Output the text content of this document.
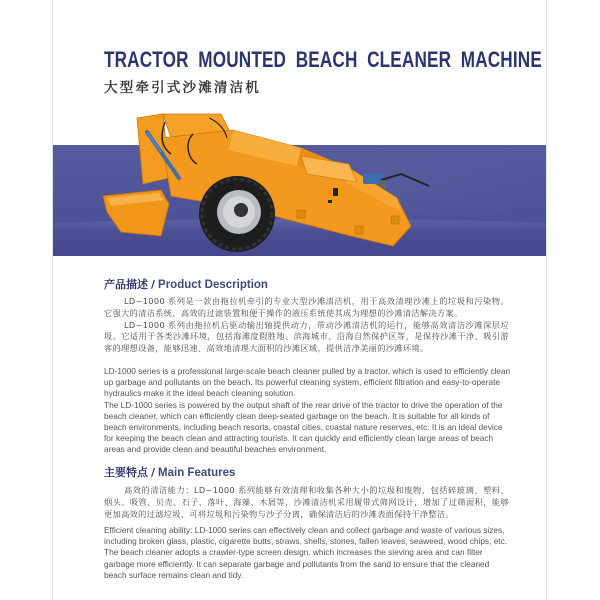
TRACTOR MOUNTED BEACH CLEANER MACHINE
大型牵引式沙滩清洁机
产品描述 / Product Description

LD~1000 系列是一款由拖拉机牵引的专业大型沙滩清洁机，用于高效清理沙滩上的垃圾和污染物。它强大的清洁系统、高效的过滤装置和便于操作的液压系统使其成为理想的沙滩清洁解决方案。

LD~1000 系列由拖拉机后驱动输出轴提供动力，带动沙滩清洁机的运行，能够高效清洁沙滩深层垃圾。它适用于各类沙滩环境，包括海滩度假胜地、滨海城市、沿海自然保护区等，是保持沙滩干净、吸引游客的理想设备，能够迅速、高效地清理大面积的沙滩区域，提供洁净美丽的沙滩环境。

LD-1000 series is a professional large-scale beach cleaner pulled by a tractor, which is used to efficiently clean up garbage and pollutants on the beach. Its powerful cleaning system, efficient filtration and easy-to-operate hydraulics make it the ideal beach cleaning solution.

The LD-1000 series is powered by the output shaft of the rear drive of the tractor to drive the operation of the beach cleaner, which can efficiently clean deep-seated garbage on the beach. It is suitable for all kinds of beach environments, including beach resorts, coastal cities, coastal nature reserves, etc. It is an ideal device for keeping the beach clean and attracting tourists. It can quickly and efficiently clean large areas of beach areas and provide clean and beautiful beaches environment.

主要特点 / Main Features

高效的清洁能力：LD~1000 系列能够有效清理和收集各种大小的垃圾和废物，包括碎玻璃、塑料、烟头、吸管、贝壳、石子、落叶、海藻、木屑等，沙滩清洁机采用履带式筛网设计，增加了过筛面积，能够更加高效的过滤垃圾，可将垃圾和污染物与沙子分离，确保清洁后的沙滩表面保持干净整洁。

Efficient cleaning ability: LD-1000 series can effectively clean and collect garbage and waste of various sizes, including broken glass, plastic, cigarette butts, straws, shells, stones, fallen leaves, seaweed, wood chips, etc. The beach cleaner adopts a crawler-type screen design, which increases the sieving area and can filter garbage more efficiently. It can separate garbage and pollutants from the sand to ensure that the cleaned beach surface remains clean and tidy.
